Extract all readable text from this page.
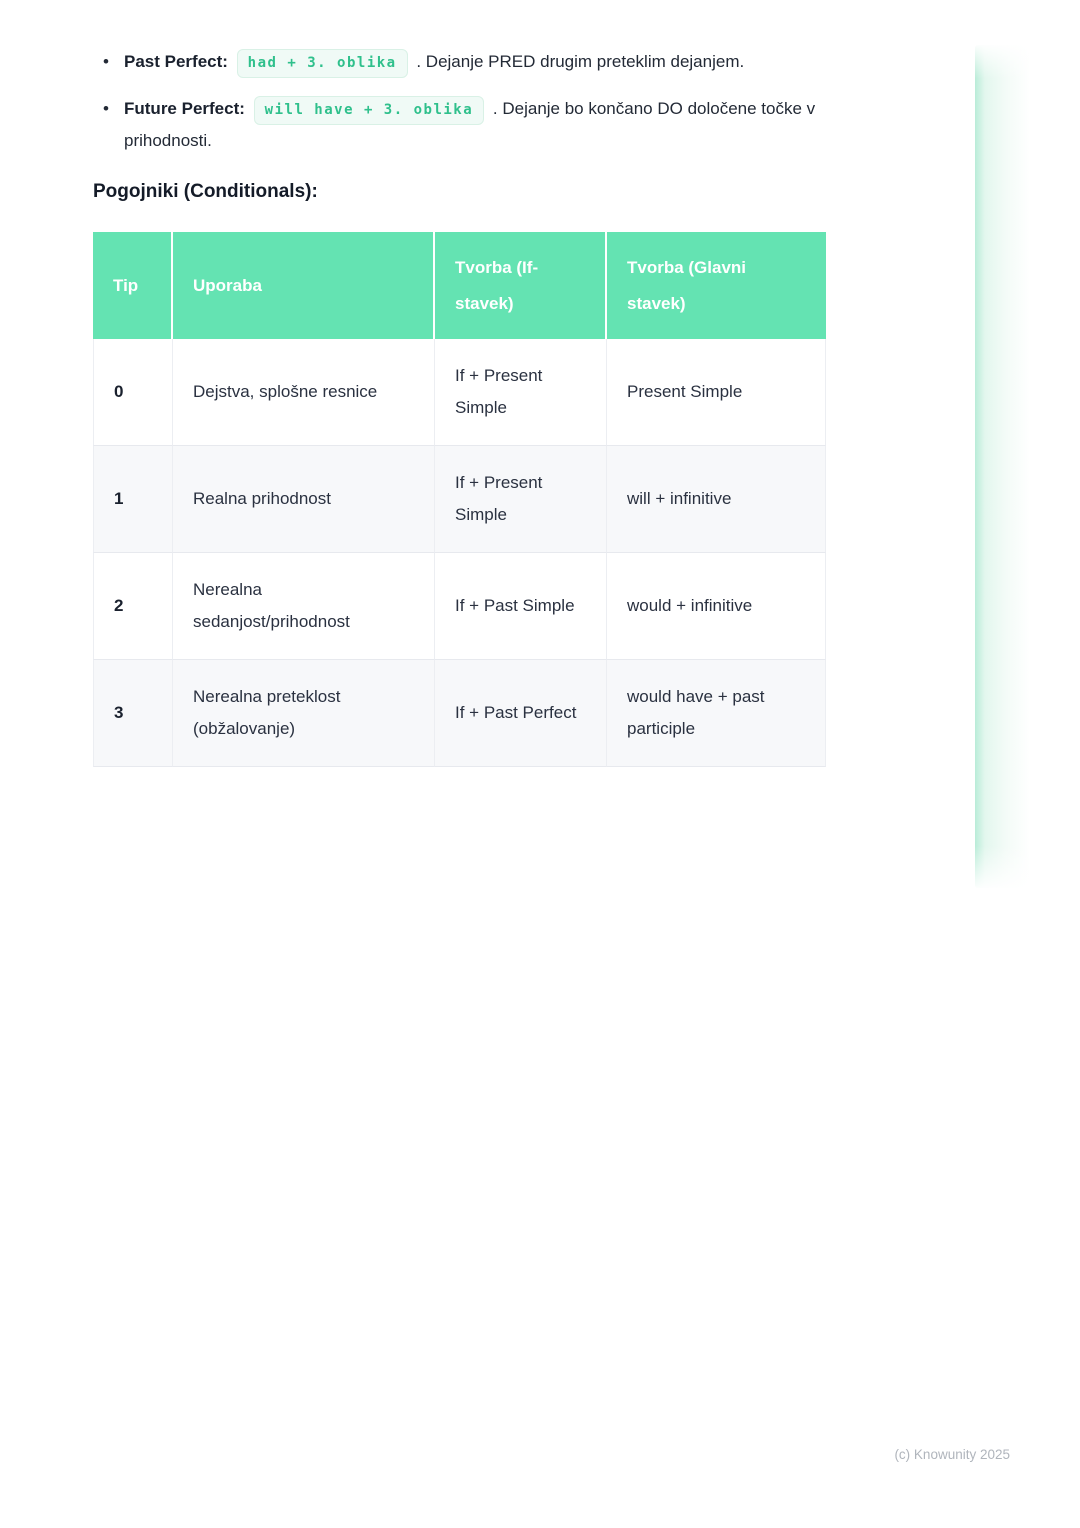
• Past Perfect: had + 3. oblika . Dejanje PRED drugim preteklim dejanjem.
• Future Perfect: will have + 3. oblika . Dejanje bo končano DO določene točke v prihodnosti.
Pogojniki (Conditionals):
Tip	Uporaba	Tvorba (If-stavek)	Tvorba (Glavni stavek)
0	Dejstva, splošne resnice	If + Present Simple	Present Simple
1	Realna prihodnost	If + Present Simple	will + infinitive
2	Nerealna sedanjost/prihodnost	If + Past Simple	would + infinitive
3	Nerealna preteklost (obžalovanje)	If + Past Perfect	would have + past participle
(c) Knowunity 2025
